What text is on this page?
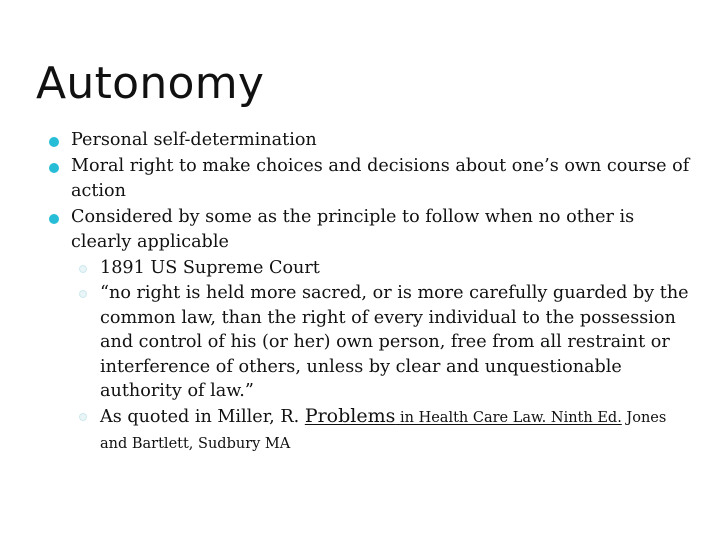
Autonomy
Personal self-determination
Moral right to make choices and decisions about one’s own course of action
Considered by some as the principle to follow when no other is clearly applicable
1891 US Supreme Court
“no right is held more sacred, or is more carefully guarded by the common law, than the right of every individual to the possession and control of his (or her) own person, free from all restraint or interference of others, unless by clear and unquestionable authority of law.”
As quoted in Miller, R. Problems in Health Care Law. Ninth Ed. Jones and Bartlett, Sudbury MA
